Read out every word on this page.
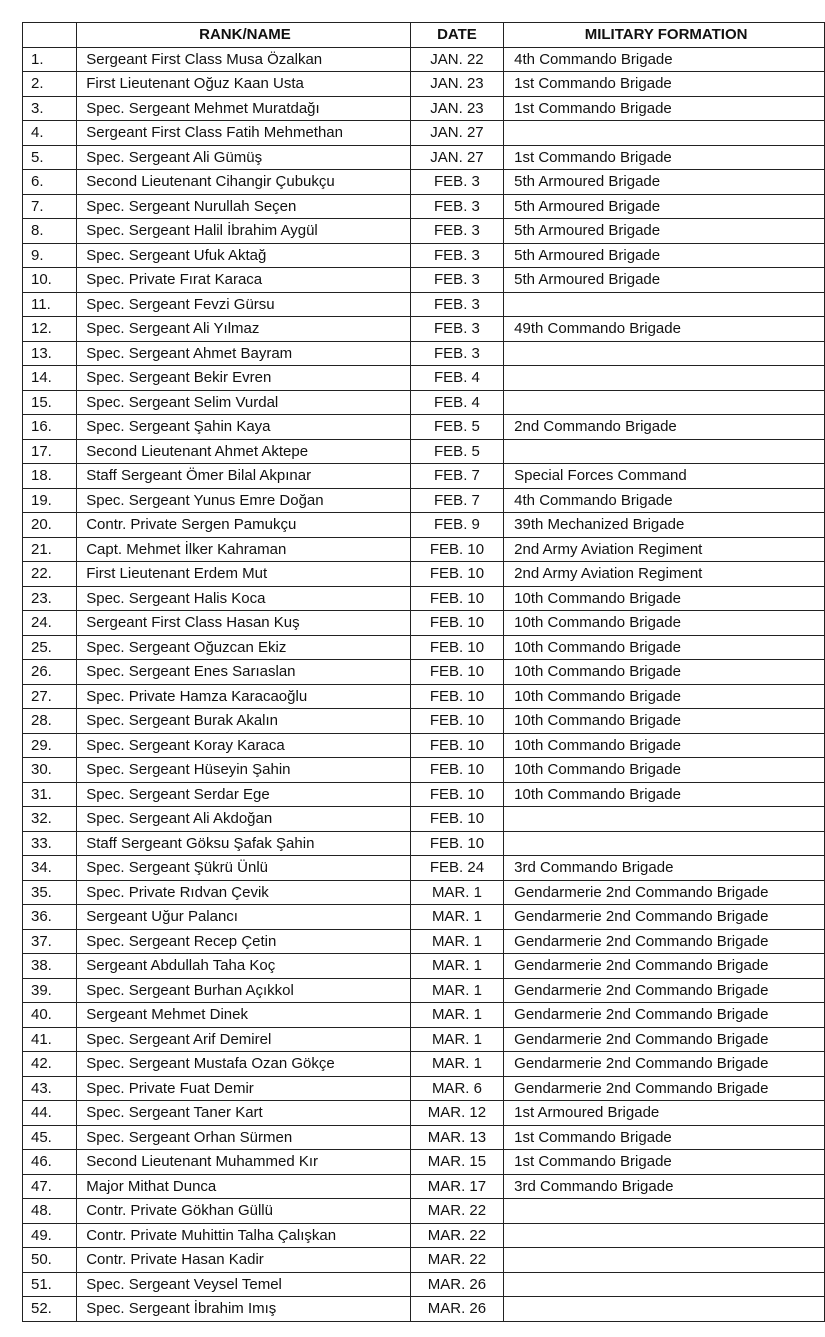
	RANK/NAME	DATE	MILITARY FORMATION
1.	Sergeant First Class Musa Özalkan	JAN. 22	4th Commando Brigade
2.	First Lieutenant Oğuz Kaan Usta	JAN. 23	1st Commando Brigade
3.	Spec. Sergeant Mehmet Muratdağı	JAN. 23	1st Commando Brigade
4.	Sergeant First Class Fatih Mehmethan	JAN. 27	
5.	Spec. Sergeant Ali Gümüş	JAN. 27	1st Commando Brigade
6.	Second Lieutenant Cihangir Çubukçu	FEB. 3	5th Armoured Brigade
7.	Spec. Sergeant Nurullah Seçen	FEB. 3	5th Armoured Brigade
8.	Spec. Sergeant Halil İbrahim Aygül	FEB. 3	5th Armoured Brigade
9.	Spec. Sergeant Ufuk Aktağ	FEB. 3	5th Armoured Brigade
10.	Spec. Private Fırat Karaca	FEB. 3	5th Armoured Brigade
11.	Spec. Sergeant Fevzi Gürsu	FEB. 3	
12.	Spec. Sergeant Ali Yılmaz	FEB. 3	49th Commando Brigade
13.	Spec. Sergeant Ahmet Bayram	FEB. 3	
14.	Spec. Sergeant Bekir Evren	FEB. 4	
15.	Spec. Sergeant Selim Vurdal	FEB. 4	
16.	Spec. Sergeant Şahin Kaya	FEB. 5	2nd Commando Brigade
17.	Second Lieutenant Ahmet Aktepe	FEB. 5	
18.	Staff Sergeant Ömer Bilal Akpınar	FEB. 7	Special Forces Command
19.	Spec. Sergeant Yunus Emre Doğan	FEB. 7	4th Commando Brigade
20.	Contr. Private Sergen Pamukçu	FEB. 9	39th Mechanized Brigade
21.	Capt. Mehmet İlker Kahraman	FEB. 10	2nd Army Aviation Regiment
22.	First Lieutenant Erdem Mut	FEB. 10	2nd Army Aviation Regiment
23.	Spec. Sergeant Halis Koca	FEB. 10	10th Commando Brigade
24.	Sergeant First Class Hasan Kuş	FEB. 10	10th Commando Brigade
25.	Spec. Sergeant Oğuzcan Ekiz	FEB. 10	10th Commando Brigade
26.	Spec. Sergeant Enes Sarıaslan	FEB. 10	10th Commando Brigade
27.	Spec. Private Hamza Karacaoğlu	FEB. 10	10th Commando Brigade
28.	Spec. Sergeant Burak Akalın	FEB. 10	10th Commando Brigade
29.	Spec. Sergeant Koray Karaca	FEB. 10	10th Commando Brigade
30.	Spec. Sergeant Hüseyin Şahin	FEB. 10	10th Commando Brigade
31.	Spec. Sergeant Serdar Ege	FEB. 10	10th Commando Brigade
32.	Spec. Sergeant Ali Akdoğan	FEB. 10	
33.	Staff Sergeant Göksu Şafak Şahin	FEB. 10	
34.	Spec. Sergeant Şükrü Ünlü	FEB. 24	3rd Commando Brigade
35.	Spec. Private Rıdvan Çevik	MAR. 1	Gendarmerie 2nd Commando Brigade
36.	Sergeant Uğur Palancı	MAR. 1	Gendarmerie 2nd Commando Brigade
37.	Spec. Sergeant Recep Çetin	MAR. 1	Gendarmerie 2nd Commando Brigade
38.	Sergeant Abdullah Taha Koç	MAR. 1	Gendarmerie 2nd Commando Brigade
39.	Spec. Sergeant Burhan Açıkkol	MAR. 1	Gendarmerie 2nd Commando Brigade
40.	Sergeant Mehmet Dinek	MAR. 1	Gendarmerie 2nd Commando Brigade
41.	Spec. Sergeant Arif Demirel	MAR. 1	Gendarmerie 2nd Commando Brigade
42.	Spec. Sergeant Mustafa Ozan Gökçe	MAR. 1	Gendarmerie 2nd Commando Brigade
43.	Spec. Private Fuat Demir	MAR. 6	Gendarmerie 2nd Commando Brigade
44.	Spec. Sergeant Taner Kart	MAR. 12	1st Armoured Brigade
45.	Spec. Sergeant Orhan Sürmen	MAR. 13	1st Commando Brigade
46.	Second Lieutenant Muhammed Kır	MAR. 15	1st Commando Brigade
47.	Major Mithat Dunca	MAR. 17	3rd Commando Brigade
48.	Contr. Private Gökhan Güllü	MAR. 22	
49.	Contr. Private Muhittin Talha Çalışkan	MAR. 22	
50.	Contr. Private Hasan Kadir	MAR. 22	
51.	Spec. Sergeant Veysel Temel	MAR. 26	
52.	Spec. Sergeant İbrahim Imış	MAR. 26	
